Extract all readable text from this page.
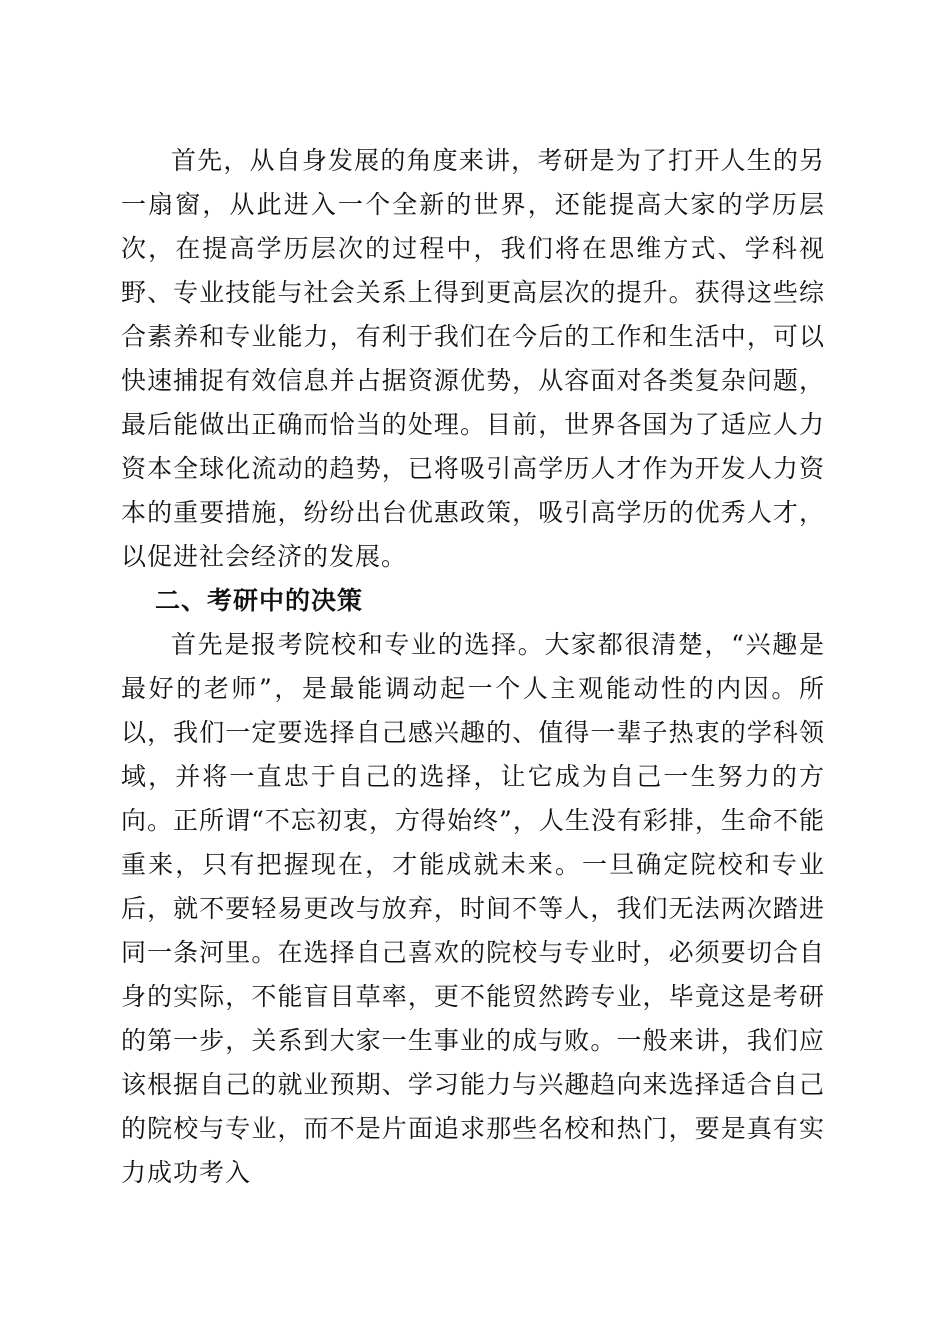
首先，从自身发展的角度来讲，考研是为了打开人生的另一扇窗，从此进入一个全新的世界，还能提高大家的学历层次，在提高学历层次的过程中，我们将在思维方式、学科视野、专业技能与社会关系上得到更高层次的提升。获得这些综合素养和专业能力，有利于我们在今后的工作和生活中，可以快速捕捉有效信息并占据资源优势，从容面对各类复杂问题，最后能做出正确而恰当的处理。目前，世界各国为了适应人力资本全球化流动的趋势，已将吸引高学历人才作为开发人力资本的重要措施，纷纷出台优惠政策，吸引高学历的优秀人才，以促进社会经济的发展。

二、考研中的决策

首先是报考院校和专业的选择。大家都很清楚，“兴趣是最好的老师”，是最能调动起一个人主观能动性的内因。所以，我们一定要选择自己感兴趣的、值得一辈子热衷的学科领域，并将一直忠于自己的选择，让它成为自己一生努力的方向。正所谓“不忘初衷，方得始终”，人生没有彩排，生命不能重来，只有把握现在，才能成就未来。一旦确定院校和专业后，就不要轻易更改与放弃，时间不等人，我们无法两次踏进同一条河里。在选择自己喜欢的院校与专业时，必须要切合自身的实际，不能盲目草率，更不能贸然跨专业，毕竟这是考研的第一步，关系到大家一生事业的成与败。一般来讲，我们应该根据自己的就业预期、学习能力与兴趣趋向来选择适合自己的院校与专业，而不是片面追求那些名校和热门，要是真有实力成功考入
